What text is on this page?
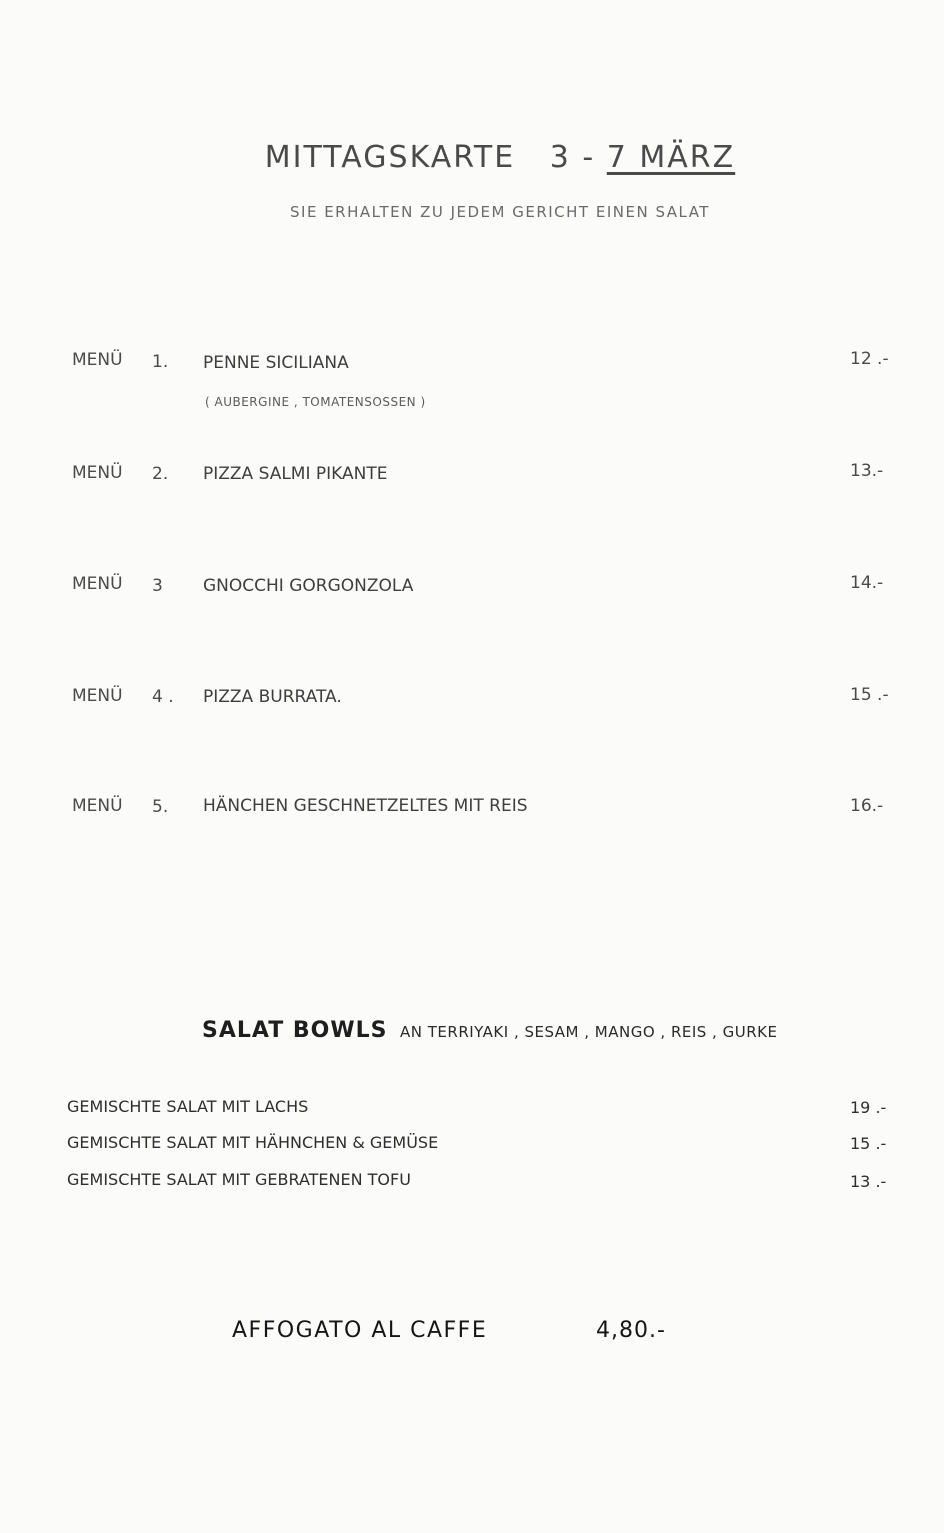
MITTAGSKARTE 3 - 7 MÄRZ
SIE ERHALTEN ZU JEDEM GERICHT EINEN SALAT
MENÜ 1. PENNE SICILIANA	12 .-
( AUBERGINE , TOMATENSOSSEN )
MENÜ 2. PIZZA SALMI PIKANTE	13.-
MENÜ 3 GNOCCHI GORGONZOLA	14.-
MENÜ 4 . PIZZA BURRATA.	15 .-
MENÜ 5. HÄNCHEN GESCHNETZELTES MIT REIS	16.-
SALAT BOWLS AN TERRIYAKI , SESAM , MANGO , REIS , GURKE
GEMISCHTE SALAT MIT LACHS	19 .-
GEMISCHTE SALAT MIT HÄHNCHEN & GEMÜSE	15 .-
GEMISCHTE SALAT MIT GEBRATENEN TOFU	13 .-
AFFOGATO AL CAFFE	4,80.-
